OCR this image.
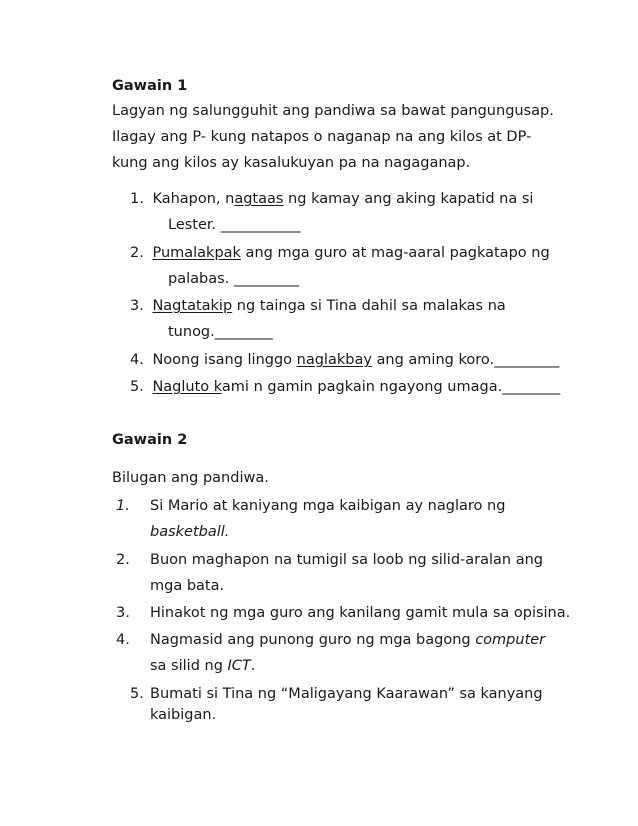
Gawain 1
Lagyan ng salungguhit ang pandiwa sa bawat pangungusap.
Ilagay ang P- kung natapos o naganap na ang kilos at DP-
kung ang kilos ay kasalukuyan pa na nagaganap.
1. Kahapon, nagtaas ng kamay ang aking kapatid na si
Lester. ___________
2. Pumalakpak ang mga guro at mag-aaral pagkatapo ng
palabas. _________
3. Nagtatakip ng tainga si Tina dahil sa malakas na
tunog.________
4. Noong isang linggo naglakbay ang aming koro._________
5. Nagluto kami n gamin pagkain ngayong umaga.________
Gawain 2
Bilugan ang pandiwa.
1. Si Mario at kaniyang mga kaibigan ay naglaro ng
basketball.
2. Buon maghapon na tumigil sa loob ng silid-aralan ang
mga bata.
3. Hinakot ng mga guro ang kanilang gamit mula sa opisina.
4. Nagmasid ang punong guro ng mga bagong computer
sa silid ng ICT.
5. Bumati si Tina ng “Maligayang Kaarawan” sa kanyang
kaibigan.
